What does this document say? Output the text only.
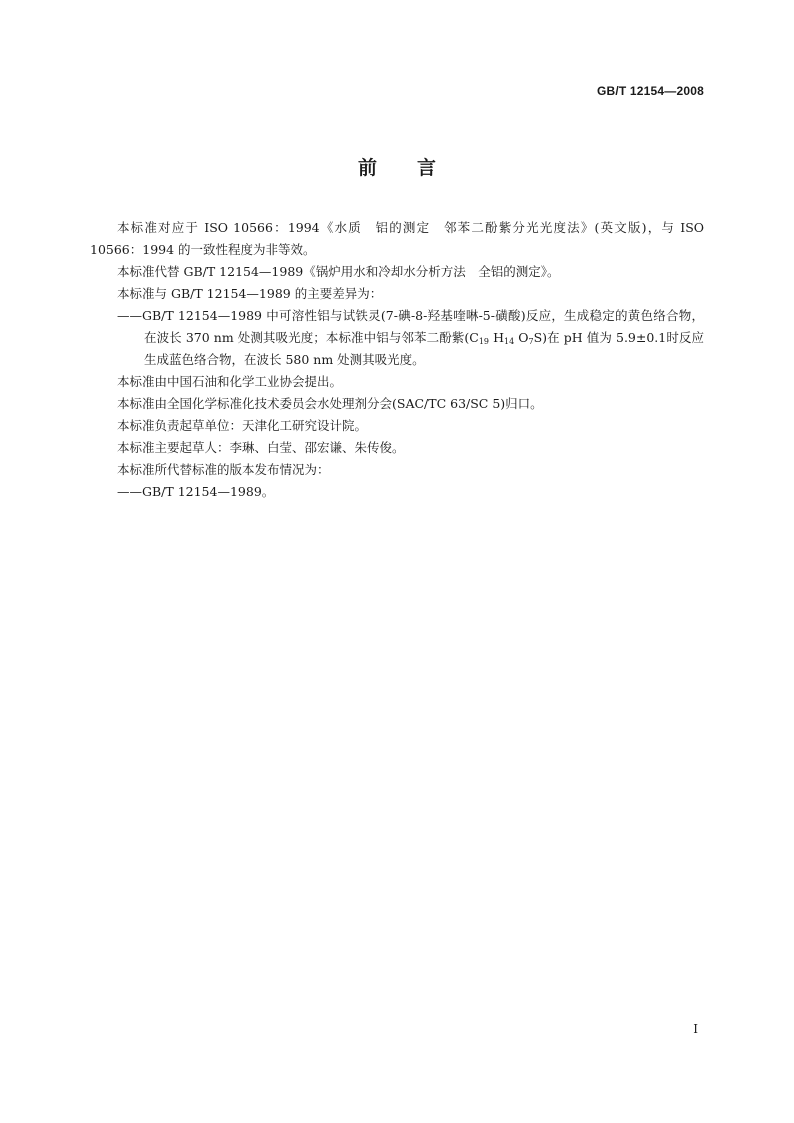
GB/T 12154—2008
前言

本标准对应于 ISO 10566：1994《水质　铝的测定　邻苯二酚紫分光光度法》(英文版)，与 ISO 10566：1994 的一致性程度为非等效。

本标准代替 GB/T 12154—1989《锅炉用水和冷却水分析方法　全铝的测定》。

本标准与 GB/T 12154—1989 的主要差异为：

——GB/T 12154—1989 中可溶性铝与试铁灵(7-碘-8-羟基喹啉-5-磺酸)反应，生成稳定的黄色络合物，在波长 370 nm 处测其吸光度；本标准中铝与邻苯二酚紫($C_{19}$ $H_{14}$ $O_7S$)在 pH 值为 5.9±0.1时反应生成蓝色络合物，在波长 580 nm 处测其吸光度。

本标准由中国石油和化学工业协会提出。

本标准由全国化学标准化技术委员会水处理剂分会(SAC/TC 63/SC 5)归口。

本标准负责起草单位：天津化工研究设计院。

本标准主要起草人：李琳、白莹、邵宏谦、朱传俊。

本标准所代替标准的版本发布情况为：

——GB/T 12154—1989。

I
